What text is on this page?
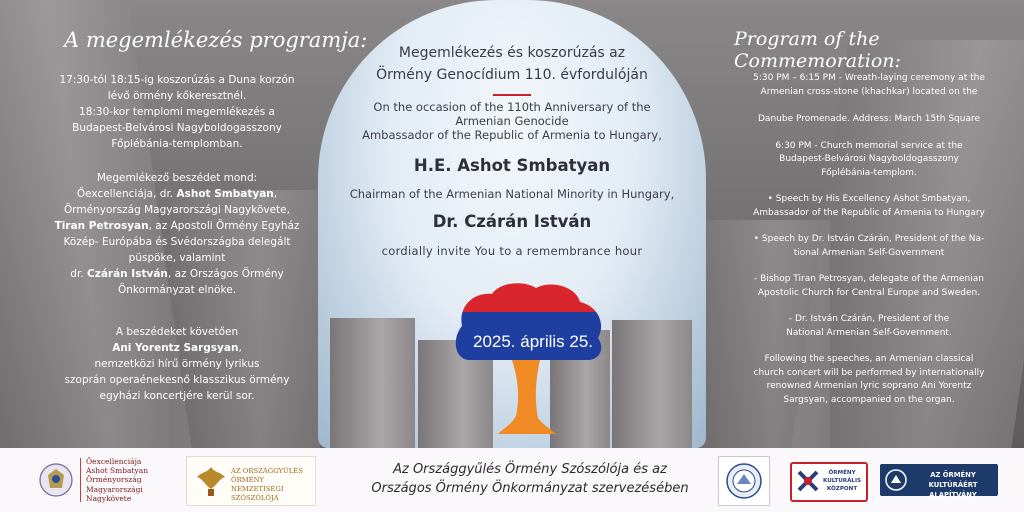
A megemlékezés programja:
17:30-tól 18:15-ig koszorúzás a Duna korzón
lévő örmény kőkeresztnél.
18:30-kor templomi megemlékezés a
Budapest-Belvárosi Nagyboldogasszony
Főplébánia-templomban.
Megemlékező beszédet mond:
Őexcellenciája, dr. Ashot Smbatyan,
Örményország Magyarországi Nagykövete,
Tiran Petrosyan, az Apostoli Örmény Egyház
Közép- Európába és Svédországba delegált
püspöke, valamint
dr. Czárán István, az Országos Örmény
Önkormányzat elnöke.
A beszédeket követően
Ani Yorentz Sargsyan,
nemzetközi hírű örmény lyrikus
szoprán operaénekesnő klasszikus örmény
egyházi koncertjére kerül sor.
Megemlékezés és koszorúzás az
Örmény Genocídium 110. évfordulóján
On the occasion of the 110th Anniversary of the
Armenian Genocide
Ambassador of the Republic of Armenia to Hungary,
H.E. Ashot Smbatyan
Chairman of the Armenian National Minority in Hungary,
Dr. Czárán István
cordially invite You to a remembrance hour
2025. április 25.
Program of the Commemoration:
5:30 PM – 6:15 PM - Wreath-laying ceremony at the
Armenian cross-stone (khachkar) located on the
Danube Promenade. Address: March 15th Square
6:30 PM - Church memorial service at the
Budapest-Belvárosi Nagyboldogasszony
Főplébánia-templom.
• Speech by His Excellency Ashot Smbatyan,
Ambassador of the Republic of Armenia to Hungary
• Speech by Dr. István Czárán, President of the Na-
tional Armenian Self-Government
- Bishop Tiran Petrosyan, delegate of the Armenian
Apostolic Church for Central Europe and Sweden.
- Dr. István Czárán, President of the
National Armenian Self-Government.
Following the speeches, an Armenian classical
church concert will be performed by internationally
renowned Armenian lyric soprano Ani Yorentz
Sargsyan, accompanied on the organ.
Őexcellenciája
Ashot Smbatyan
Örményország
Magyarországi
Nagykövete
AZ ORSZÁGGYŰLÉS
ÖRMÉNY NEMZETISÉGI
SZÓSZÓLÓJA
Az Országgyűlés Örmény Szószólója és az
Országos Örmény Önkormányzat szervezésében
ÖRMÉNY
KULTURÁLIS
KÖZPONT
AZ ÖRMÉNY KULTÚRÁÉRT
ALAPÍTVÁNY
